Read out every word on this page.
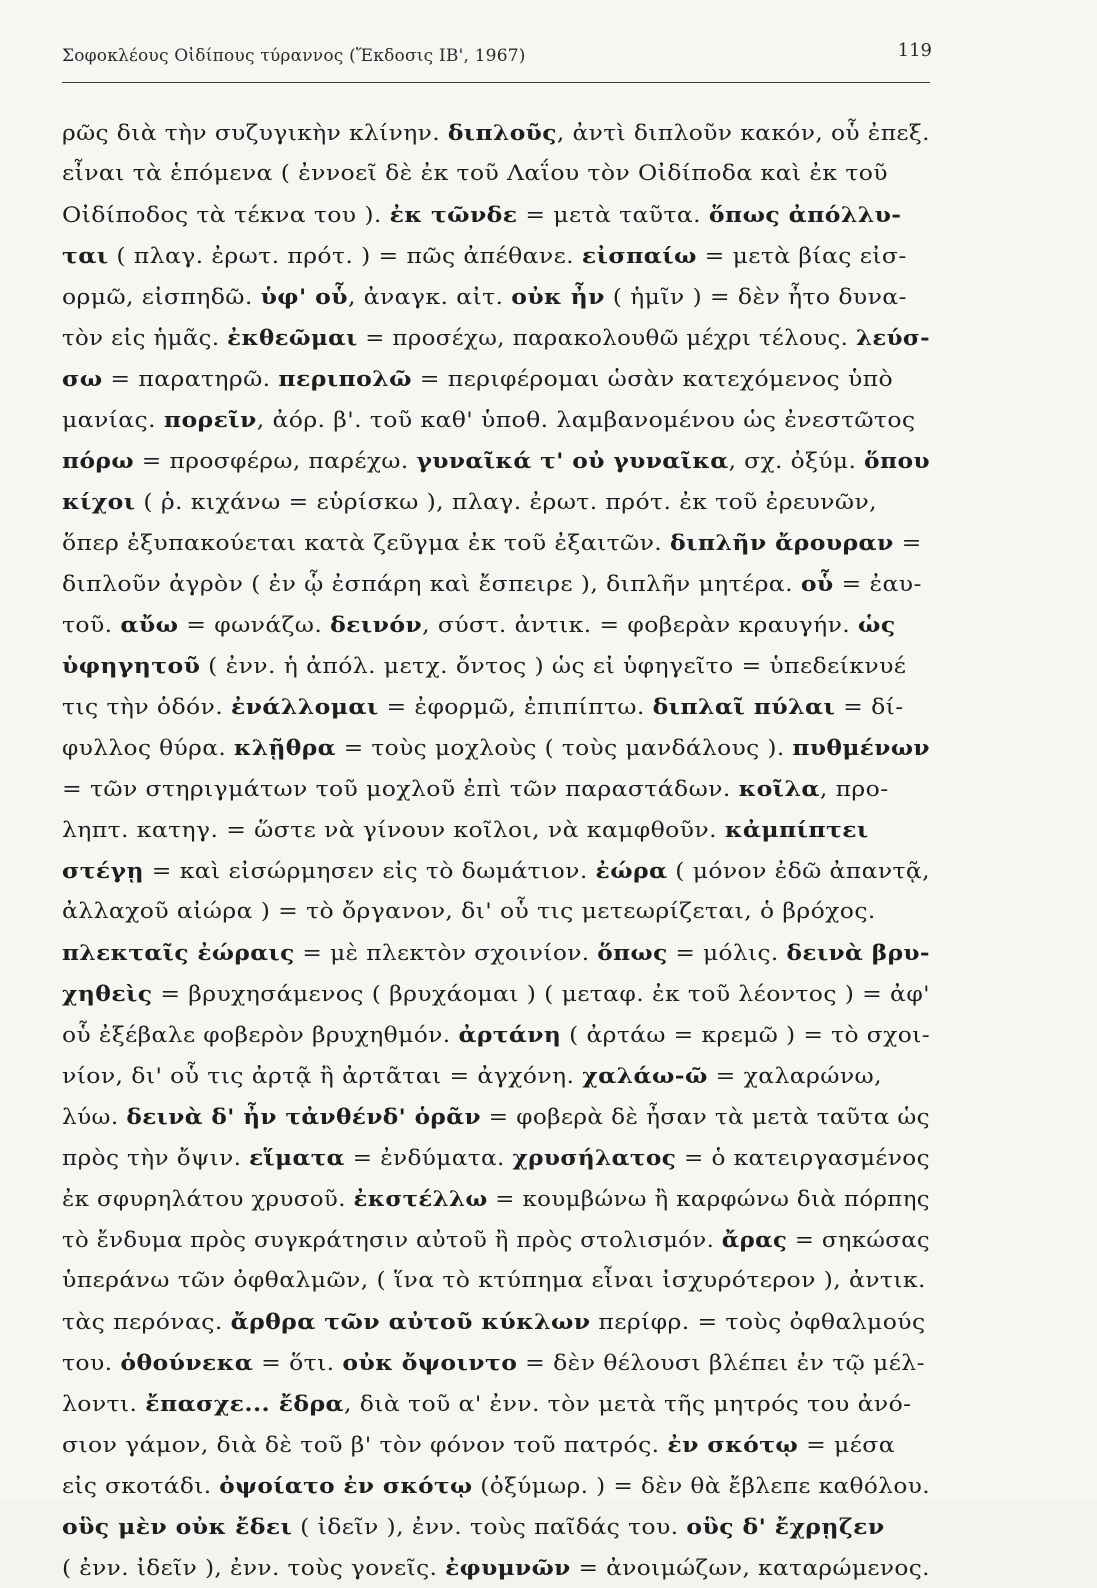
Σοφοκλέους Οἰδίπους τύραννος (Ἔκδοσις ΙΒ', 1967)	119
ρῶς διὰ τὴν συζυγικὴν κλίνην. διπλοῦς, ἀντὶ διπλοῦν κακόν, οὗ ἐπεξ.
εἶναι τὰ ἑπόμενα ( ἐννοεῖ δὲ ἐκ τοῦ Λαΐου τὸν Οἰδίποδα καὶ ἐκ τοῦ
Οἰδίποδος τὰ τέκνα του ). ἐκ τῶνδε = μετὰ ταῦτα. ὅπως ἀπόλλυ-
ται ( πλαγ. ἐρωτ. πρότ. ) = πῶς ἀπέθανε. εἰσπαίω = μετὰ βίας εἰσ-
ορμῶ, εἰσπηδῶ. ὑφ' οὗ, ἀναγκ. αἰτ. οὐκ ἦν ( ἡμῖν ) = δὲν ἦτο δυνα-
τὸν εἰς ἡμᾶς. ἐκθεῶμαι = προσέχω, παρακολουθῶ μέχρι τέλους. λεύσ-
σω = παρατηρῶ. περιπολῶ = περιφέρομαι ὡσὰν κατεχόμενος ὑπὸ
μανίας. πορεῖν, ἀόρ. β'. τοῦ καθ' ὑποθ. λαμβανομένου ὡς ἐνεστῶτος
πόρω = προσφέρω, παρέχω. γυναῖκά τ' οὐ γυναῖκα, σχ. ὀξύμ. ὅπου
κίχοι ( ῥ. κιχάνω = εὑρίσκω ), πλαγ. ἐρωτ. πρότ. ἐκ τοῦ ἐρευνῶν,
ὅπερ ἐξυπακούεται κατὰ ζεῦγμα ἐκ τοῦ ἐξαιτῶν. διπλῆν ἄρουραν =
διπλοῦν ἀγρὸν ( ἐν ᾧ ἐσπάρη καὶ ἔσπειρε ), διπλῆν μητέρα. οὗ = ἐαυ-
τοῦ. αὔω = φωνάζω. δεινόν, σύστ. ἀντικ. = φοβερὰν κραυγήν. ὡς
ὑφηγητοῦ ( ἐνν. ἡ ἀπόλ. μετχ. ὄντος ) ὡς εἰ ὑφηγεῖτο = ὑπεδείκνυέ
τις τὴν ὁδόν. ἐνάλλομαι = ἐφορμῶ, ἐπιπίπτω. διπλαῖ πύλαι = δί-
φυλλος θύρα. κλῇθρα = τοὺς μοχλοὺς ( τοὺς μανδάλους ). πυθμένων
= τῶν στηριγμάτων τοῦ μοχλοῦ ἐπὶ τῶν παραστάδων. κοῖλα, προ-
ληπτ. κατηγ. = ὥστε νὰ γίνουν κοῖλοι, νὰ καμφθοῦν. κἀμπίπτει
στέγῃ = καὶ εἰσώρμησεν εἰς τὸ δωμάτιον. ἐώρα ( μόνον ἐδῶ ἀπαντᾷ,
ἀλλαχοῦ αἰώρα ) = τὸ ὄργανον, δι' οὗ τις μετεωρίζεται, ὁ βρόχος.
πλεκταῖς ἐώραις = μὲ πλεκτὸν σχοινίον. ὅπως = μόλις. δεινὰ βρυ-
χηθεὶς = βρυχησάμενος ( βρυχάομαι ) ( μεταφ. ἐκ τοῦ λέοντος ) = ἀφ'
οὗ ἐξέβαλε φοβερὸν βρυχηθμόν. ἀρτάνη ( ἀρτάω = κρεμῶ ) = τὸ σχοι-
νίον, δι' οὗ τις ἀρτᾷ ἢ ἀρτᾶται = ἀγχόνη. χαλάω-ῶ = χαλαρώνω,
λύω. δεινὰ δ' ἦν τἀνθένδ' ὁρᾶν = φοβερὰ δὲ ἦσαν τὰ μετὰ ταῦτα ὡς
πρὸς τὴν ὄψιν. εἵματα = ἐνδύματα. χρυσήλατος = ὁ κατειργασμένος
ἐκ σφυρηλάτου χρυσοῦ. ἐκστέλλω = κουμβώνω ἢ καρφώνω διὰ πόρπης
τὸ ἔνδυμα πρὸς συγκράτησιν αὐτοῦ ἢ πρὸς στολισμόν. ἄρας = σηκώσας
ὑπεράνω τῶν ὀφθαλμῶν, ( ἵνα τὸ κτύπημα εἶναι ἰσχυρότερον ), ἀντικ.
τὰς περόνας. ἄρθρα τῶν αὐτοῦ κύκλων περίφρ. = τοὺς ὀφθαλμούς
του. ὁθούνεκα = ὅτι. οὐκ ὄψοιντο = δὲν θέλουσι βλέπει ἐν τῷ μέλ-
λοντι. ἔπασχε... ἔδρα, διὰ τοῦ α' ἐνν. τὸν μετὰ τῆς μητρός του ἀνό-
σιον γάμον, διὰ δὲ τοῦ β' τὸν φόνον τοῦ πατρός. ἐν σκότῳ = μέσα
εἰς σκοτάδι. ὀψοίατο ἐν σκότῳ (ὀξύμωρ. ) = δὲν θὰ ἔβλεπε καθόλου.
οὓς μὲν οὐκ ἔδει ( ἰδεῖν ), ἐνν. τοὺς παῖδάς του. οὓς δ' ἔχρῃζεν
( ἐνν. ἰδεῖν ), ἐνν. τοὺς γονεῖς. ἐφυμνῶν = ἀνοιμώζων, καταρώμενος.
